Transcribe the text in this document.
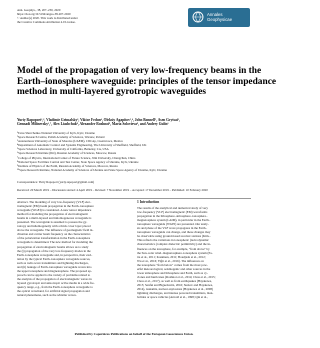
Ann. Geophys., 38, 207–230, 2020
https://doi.org/10.5194/angeo-38-207-2020
© Author(s) 2020. This work is distributed under
the Creative Commons Attribution 4.0 License.
Annales
Geophysicae
Model of the propagation of very low-frequency beams in the
Earth–ionosphere waveguide: principles of the tensor impedance
method in multi-layered gyrotropic waveguides
Yuriy Rapoport¹,², Vladimir Grimalsky³, Viktor Fedun⁴, Oleksiy Agapitov⁵,⁶, John Bonnell⁵, Asen Grytsai¹,
Gennadi Milinevsky¹,⁷, Alex Liashchuk⁸, Alexander Rozhnoi⁹, Maria Solovieva⁹, and Andrey Gulin¹
¹Taras Shevchenko National University of Kyiv, Kyiv, Ukraine
²Space Research Centre, Polish Academy of Sciences, Warsaw, Poland
³Autonomous University of State of Morelos (UAEM), CIICAp, Cuernavaca, Mexico
⁴Department of Automatic Control and Systems Engineering, The University of Sheffield, Sheffield, UK
⁵Space Sciences Laboratory, University of California, Berkeley, CA, USA
⁶Space Research Institute (IKI), Russian Academy of Sciences, Moscow, Russia
⁷College of Physics, International Center of Future Science, Jilin University, Changchun, China
⁸National Space Facilities Control and Test Center, State Space Agency of Ukraine, Kyiv, Ukraine
⁹Institute of Physics of the Earth, Russian Academy of Sciences, Moscow, Russia
¹⁰Space Research Institute, National Academy of Sciences of Ukraine and State Space Agency of Ukraine, Kyiv, Ukraine
Correspondence: Yuriy Rapoport (yuriy.rapoport@gmail.com)
Received: 20 March 2019 – Discussion started: 4 April 2019 – Revised: 7 November 2019 – Accepted: 17 December 2019 – Published: 10 February 2020
Abstract. The modeling of very low-frequency (VLF) elec-
tromagnetic (EM) beam propagation in the Earth–ionosphere
waveguide (WGEI) is considered. A new tensor impedance
method for modeling the propagation of electromagnetic
beams in a multi-layered and inhomogeneous waveguide is
presented. The waveguide is assumed to possess the gy-
rotropy and inhomogeneity with a thick cover layer placed
above the waveguide. The influence of geomagnetic field in-
clination and carrier beam frequency on the characteristics
of the polarization transformation in the Earth–ionosphere
waveguide is determined. The new method for modeling the
propagation of electromagnetic beams allows us to study
the (i) propagation of the very low-frequency modes in the
Earth–ionosphere waveguide and, in perspective, their exci-
tation by the typical Earth–ionosphere waveguide sources,
such as radio wave transmitters and lightning discharges,
and (ii) leakage of Earth–ionosphere waveguide waves into
the upper ionosphere and magnetosphere. The proposed ap-
proach can be applied to the variety of problems related to
the analysis of the propagation of electromagnetic waves in
layered gyrotropic and anisotropic active media in a wide fre-
quency range, e.g., from the Earth–ionosphere waveguide to
the optical waveband, for artificial signal propagation and
natural phenomena, such as the whistler waves.
1 Introduction
The results of the analytical and numerical study of very
low-frequency (VLF) electromagnetic (EM) waveforms
propagation in the lithosphere–atmosphere–ionosphere–
magnetosphere system (LAIM), in particular in the Earth–
ionosphere waveguide (WGEI) are presented. Our analy-
sis and phase of the VLF wave propagates in the Earth–
ionosphere waveguide can change, and these changes may
be observable using ground-based receiver stations (Kim...
This reflects the variations in ionospheric (lectrodynamic
characteristics (complex dielectric permittivity) and the in-
fluences on the ionosphere, for example, "from above" by
the Sun–solar wind–magnetosphere–ionosphere system (Pa-
tra et al., 2011; Koskinen, 2011; Boudjada et al., 2012;
Wu et al., 2016; Yiğit et al., 2016). The influences on
the ionosphere "from below" comes from the most pow-
erful meteorological, seismogenic and other sources in the
lower atmosphere and lithosphere and Earth, such as cy-
clones and hurricanes (Rozhnoi et al., 2014; Chou et al., 2015;
Chou et al., 2017), as well as from earthquakes (Hayakawa,
2015; Sanfui and Biguelswitz, 2016; Surkov and Hayakawa,
2014), tsunamis, nuclear explosions (Hayakawa et al., 2008)
lightning discharges, and intense powered transmitters, man-
bolides or space vehicles (Arnold et al., 1998; Qin et al.,
Published by Copernicus Publications on behalf of the European Geosciences Union.
